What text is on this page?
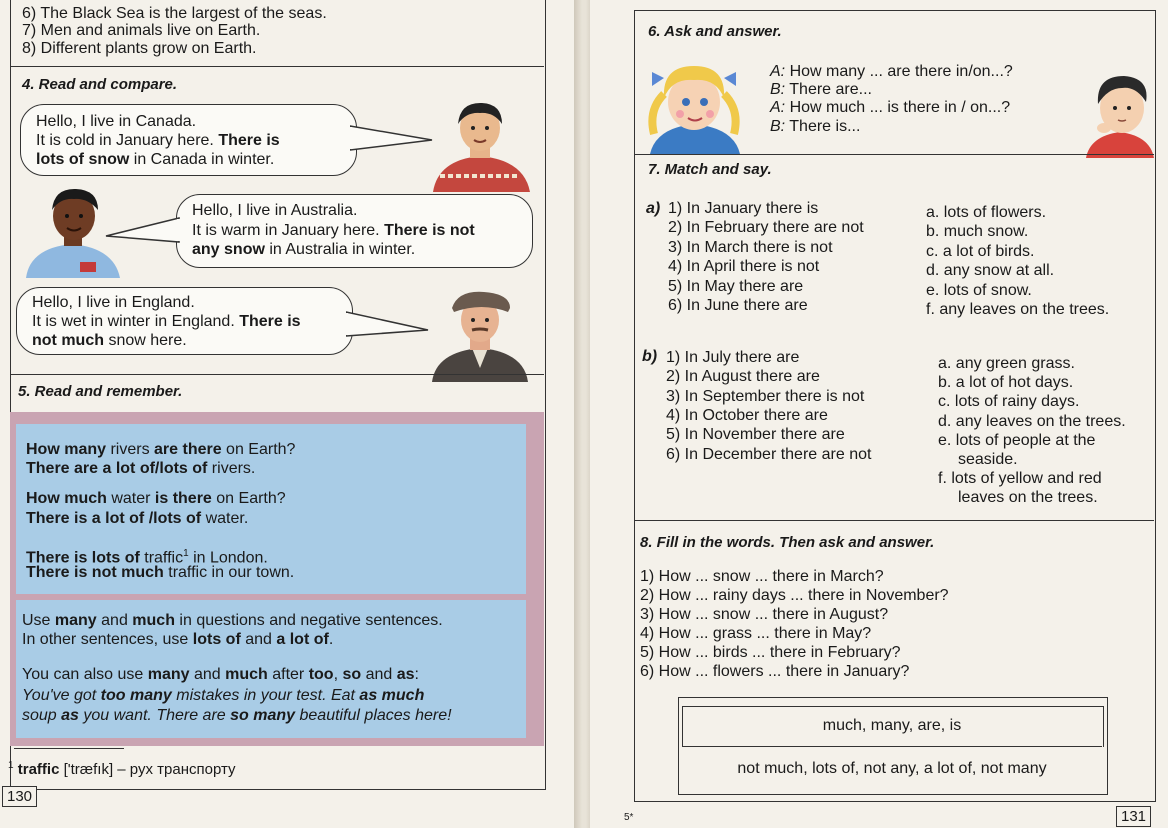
6) The Black Sea is the largest of the seas.
7) Men and animals live on Earth.
8) Different plants grow on Earth.
4. Read and compare.
Hello, I live in Canada.
It is cold in January here. There is
lots of snow in Canada in winter.
Hello, I live in Australia.
It is warm in January here. There is not
any snow in Australia in winter.
Hello, I live in England.
It is wet in winter in England. There is
not much snow here.
5. Read and remember.
How many rivers are there on Earth?
There are a lot of/lots of rivers.
How much water is there on Earth?
There is a lot of /lots of water.
There is lots of traffic$^1$ in London.
There is not much traffic in our town.
Use many and much in questions and negative sentences.
In other sentences, use lots of and a lot of.
You can also use many and much after too, so and as:
You've got too many mistakes in your test. Eat as much
soup as you want. There are so many beautiful places here!
$^1$ traffic ['træfık] – рух транспорту
130
6. Ask and answer.
A: How many ... are there in/on...?
B: There are...
A: How much ... is there in / on...?
B: There is...
7. Match and say.
a) 1) In January there is
2) In February there are not
3) In March there is not
4) In April there is not
5) In May there are
6) In June there are
a. lots of flowers.
b. much snow.
c. a lot of birds.
d. any snow at all.
e. lots of snow.
f. any leaves on the trees.
b) 1) In July there are
2) In August there are
3) In September there is not
4) In October there are
5) In November there are
6) In December there are not
a. any green grass.
b. a lot of hot days.
c. lots of rainy days.
d. any leaves on the trees.
e. lots of people at the
seaside.
f. lots of yellow and red
leaves on the trees.
8. Fill in the words. Then ask and answer.
1) How ... snow ... there in March?
2) How ... rainy days ... there in November?
3) How ... snow ... there in August?
4) How ... grass ... there in May?
5) How ... birds ... there in February?
6) How ... flowers ... there in January?
much, many, are, is
not much, lots of, not any, a lot of, not many
5*	131
